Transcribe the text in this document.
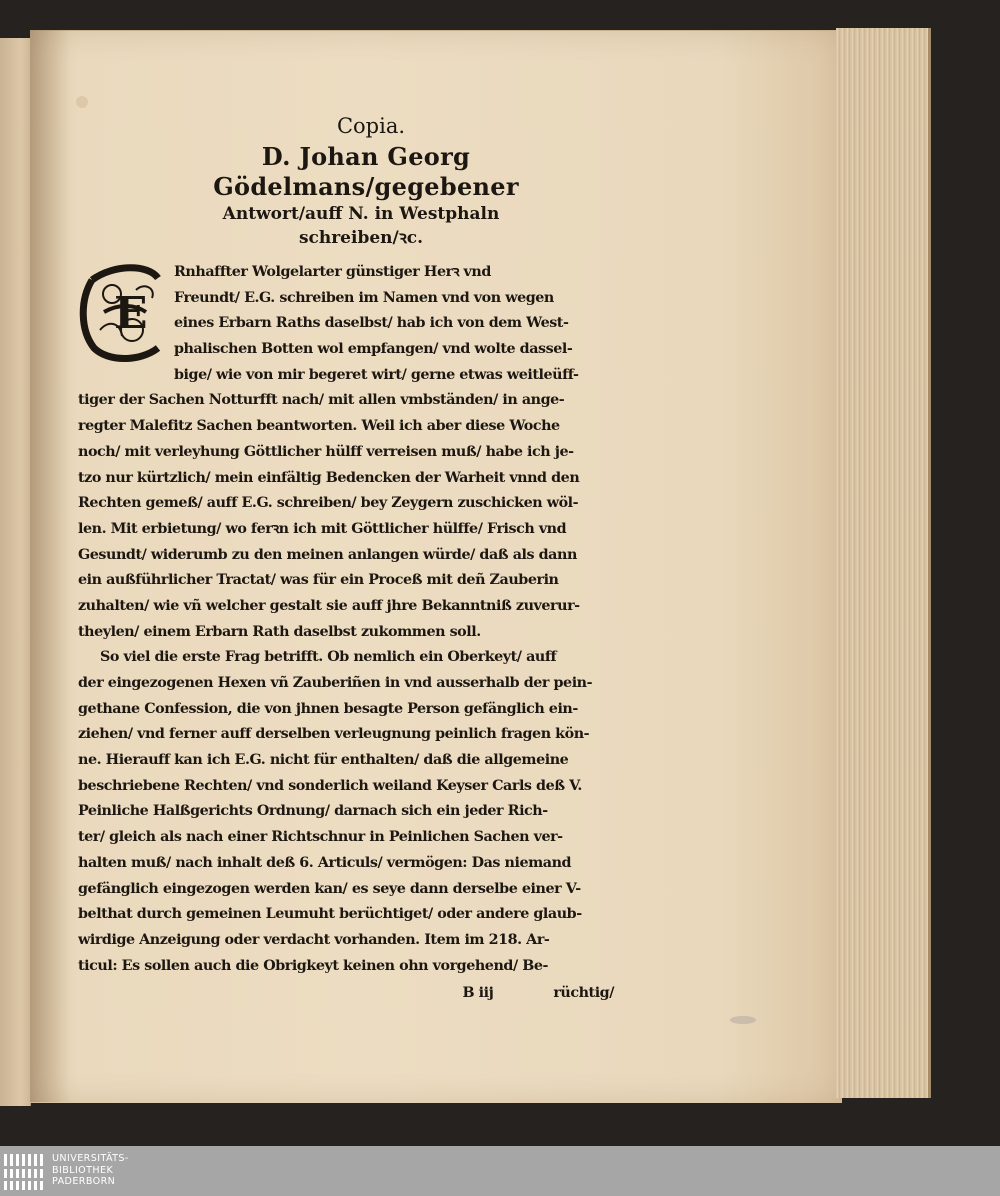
Copia.
D. Johan Georg Gödelmans/gegebener
Antwort/auff N. in Westphaln
schreiben/ꝛc.
E
Rnhaffter Wolgelarter günstiger Herꝛ vnd
Freundt/ E.G. schreiben im Namen vnd von wegen
eines Erbarn Raths daselbst/ hab ich von dem West-
phalischen Botten wol empfangen/ vnd wolte dassel-
bige/ wie von mir begeret wirt/ gerne etwas weitleüff-
tiger der Sachen Notturfft nach/ mit allen vmbständen/ in ange-
regter Malefitz Sachen beantworten. Weil ich aber diese Woche
noch/ mit verleyhung Göttlicher hülff verreisen muß/ habe ich je-
tzo nur kürtzlich/ mein einfältig Bedencken der Warheit vnnd den
Rechten gemeß/ auff E.G. schreiben/ bey Zeygern zuschicken wöl-
len. Mit erbietung/ wo ferꝛn ich mit Göttlicher hülffe/ Frisch vnd
Gesundt/ widerumb zu den meinen anlangen würde/ daß als dann
ein außführlicher Tractat/ was für ein Proceß mit deñ Zauberin
zuhalten/ wie vñ welcher gestalt sie auff jhre Bekanntniß zuverur-
theylen/ einem Erbarn Rath daselbst zukommen soll.
So viel die erste Frag betrifft. Ob nemlich ein Oberkeyt/ auff
der eingezogenen Hexen vñ Zauberiñen in vnd ausserhalb der pein-
gethane Confession, die von jhnen besagte Person gefänglich ein-
ziehen/ vnd ferner auff derselben verleugnung peinlich fragen kön-
ne. Hierauff kan ich E.G. nicht für enthalten/ daß die allgemeine
beschriebene Rechten/ vnd sonderlich weiland Keyser Carls deß V.
Peinliche Halßgerichts Ordnung/ darnach sich ein jeder Rich-
ter/ gleich als nach einer Richtschnur in Peinlichen Sachen ver-
halten muß/ nach inhalt deß 6. Articuls/ vermögen: Das niemand
gefänglich eingezogen werden kan/ es seye dann derselbe einer V-
belthat durch gemeinen Leumuht berüchtiget/ oder andere glaub-
wirdige Anzeigung oder verdacht vorhanden. Item im 218. Ar-
ticul: Es sollen auch die Obrigkeyt keinen ohn vorgehend/ Be-
B iij	rüchtig/
UNIVERSITÄTS-
BIBLIOTHEK
PADERBORN
